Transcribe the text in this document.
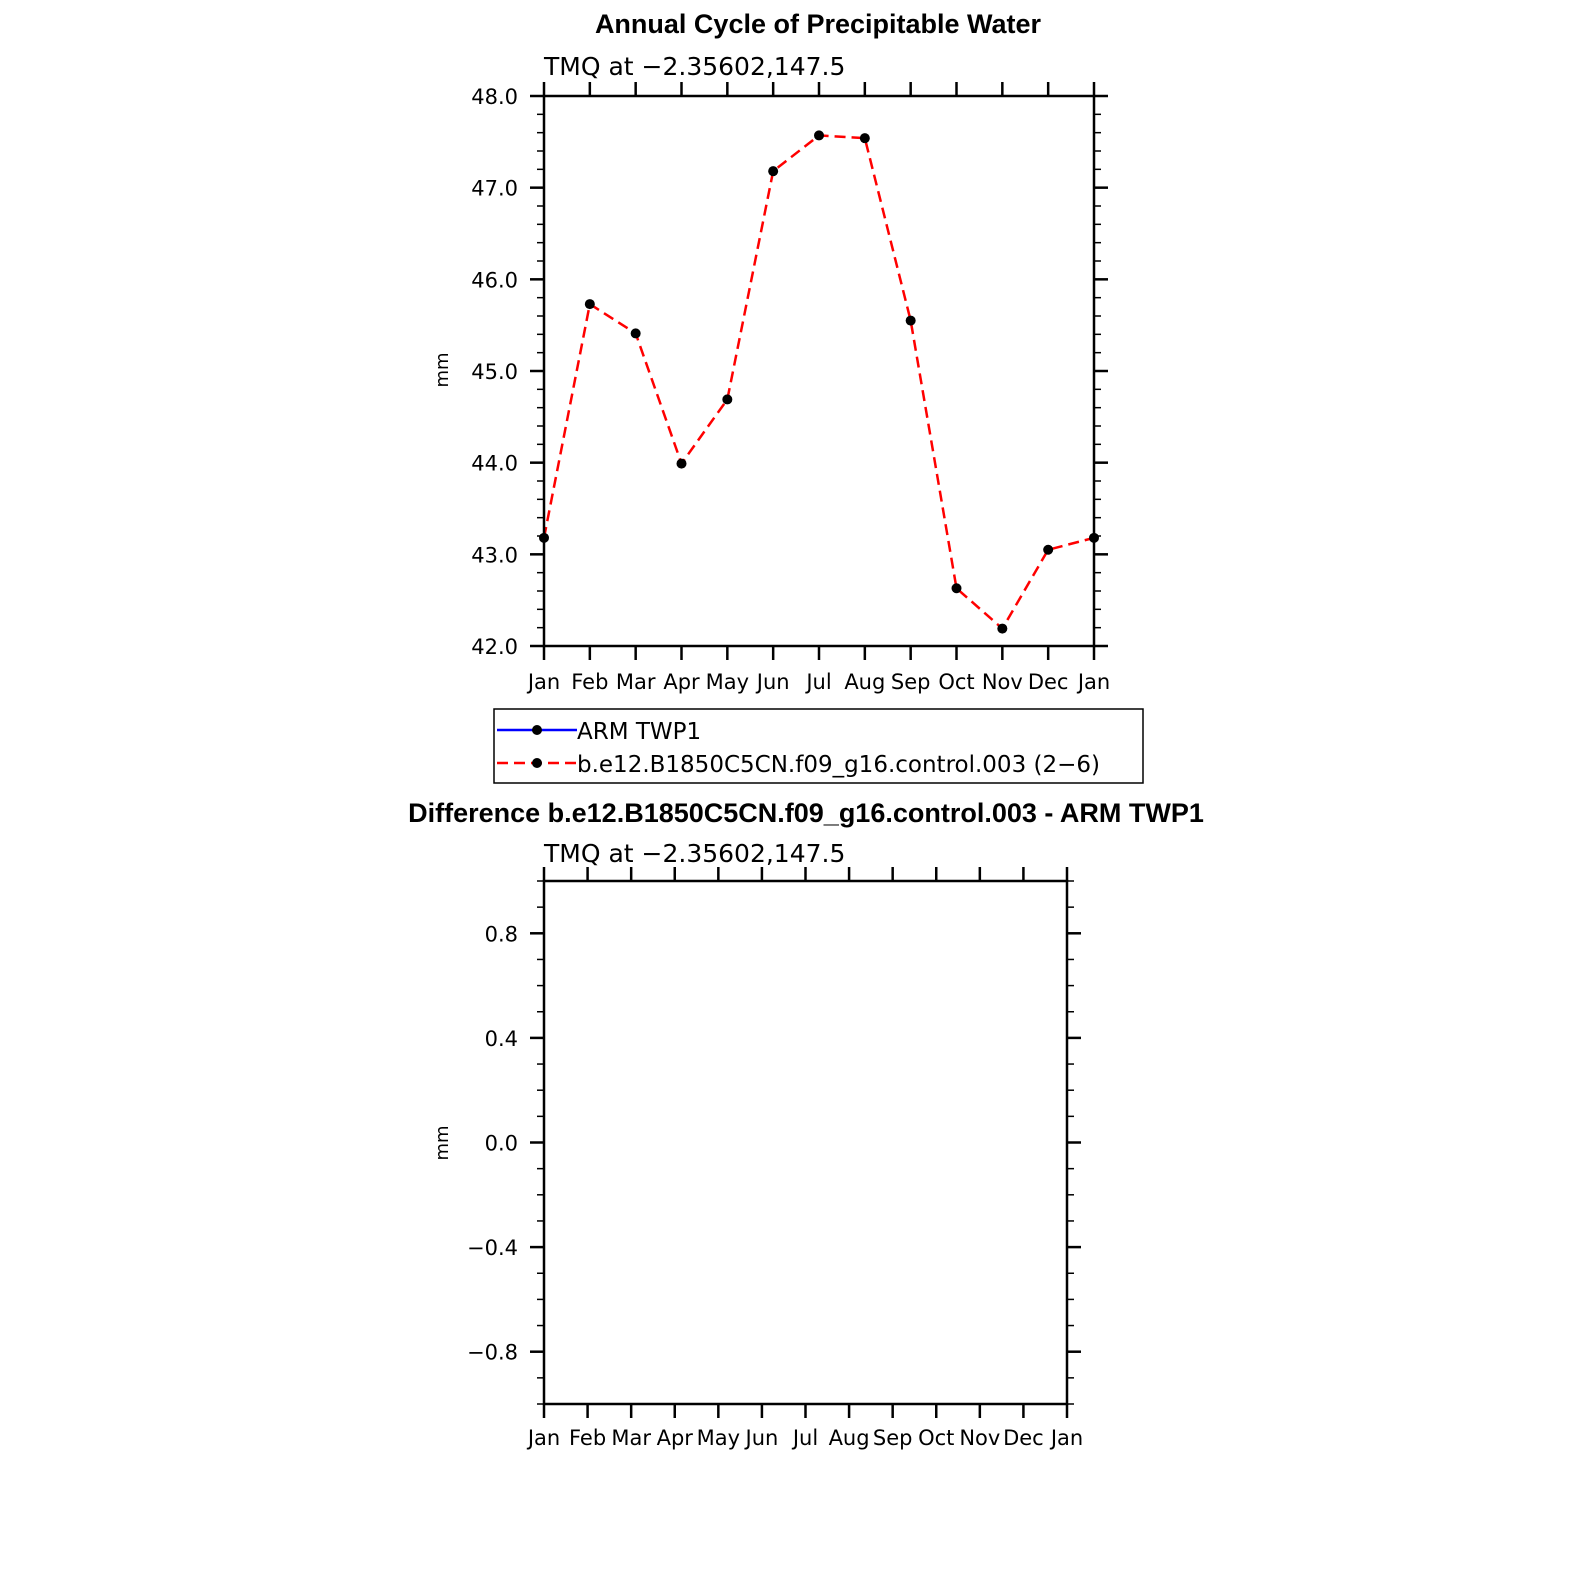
Annual Cycle of Precipitable Water
TMQ at −2.35602,147.5
mm
Jan Feb Mar Apr May Jun Jul Aug Sep Oct Nov Dec Jan
42.0
43.0
44.0
45.0
46.0
47.0
48.0
ARM TWP1
b.e12.B1850C5CN.f09_g16.control.003 (2−6)
Difference b.e12.B1850C5CN.f09_g16.control.003 - ARM TWP1
TMQ at −2.35602,147.5
mm
Jan Feb Mar Apr May Jun Jul Aug Sep Oct Nov Dec Jan
−0.8
−0.4
0.0
0.4
0.8
